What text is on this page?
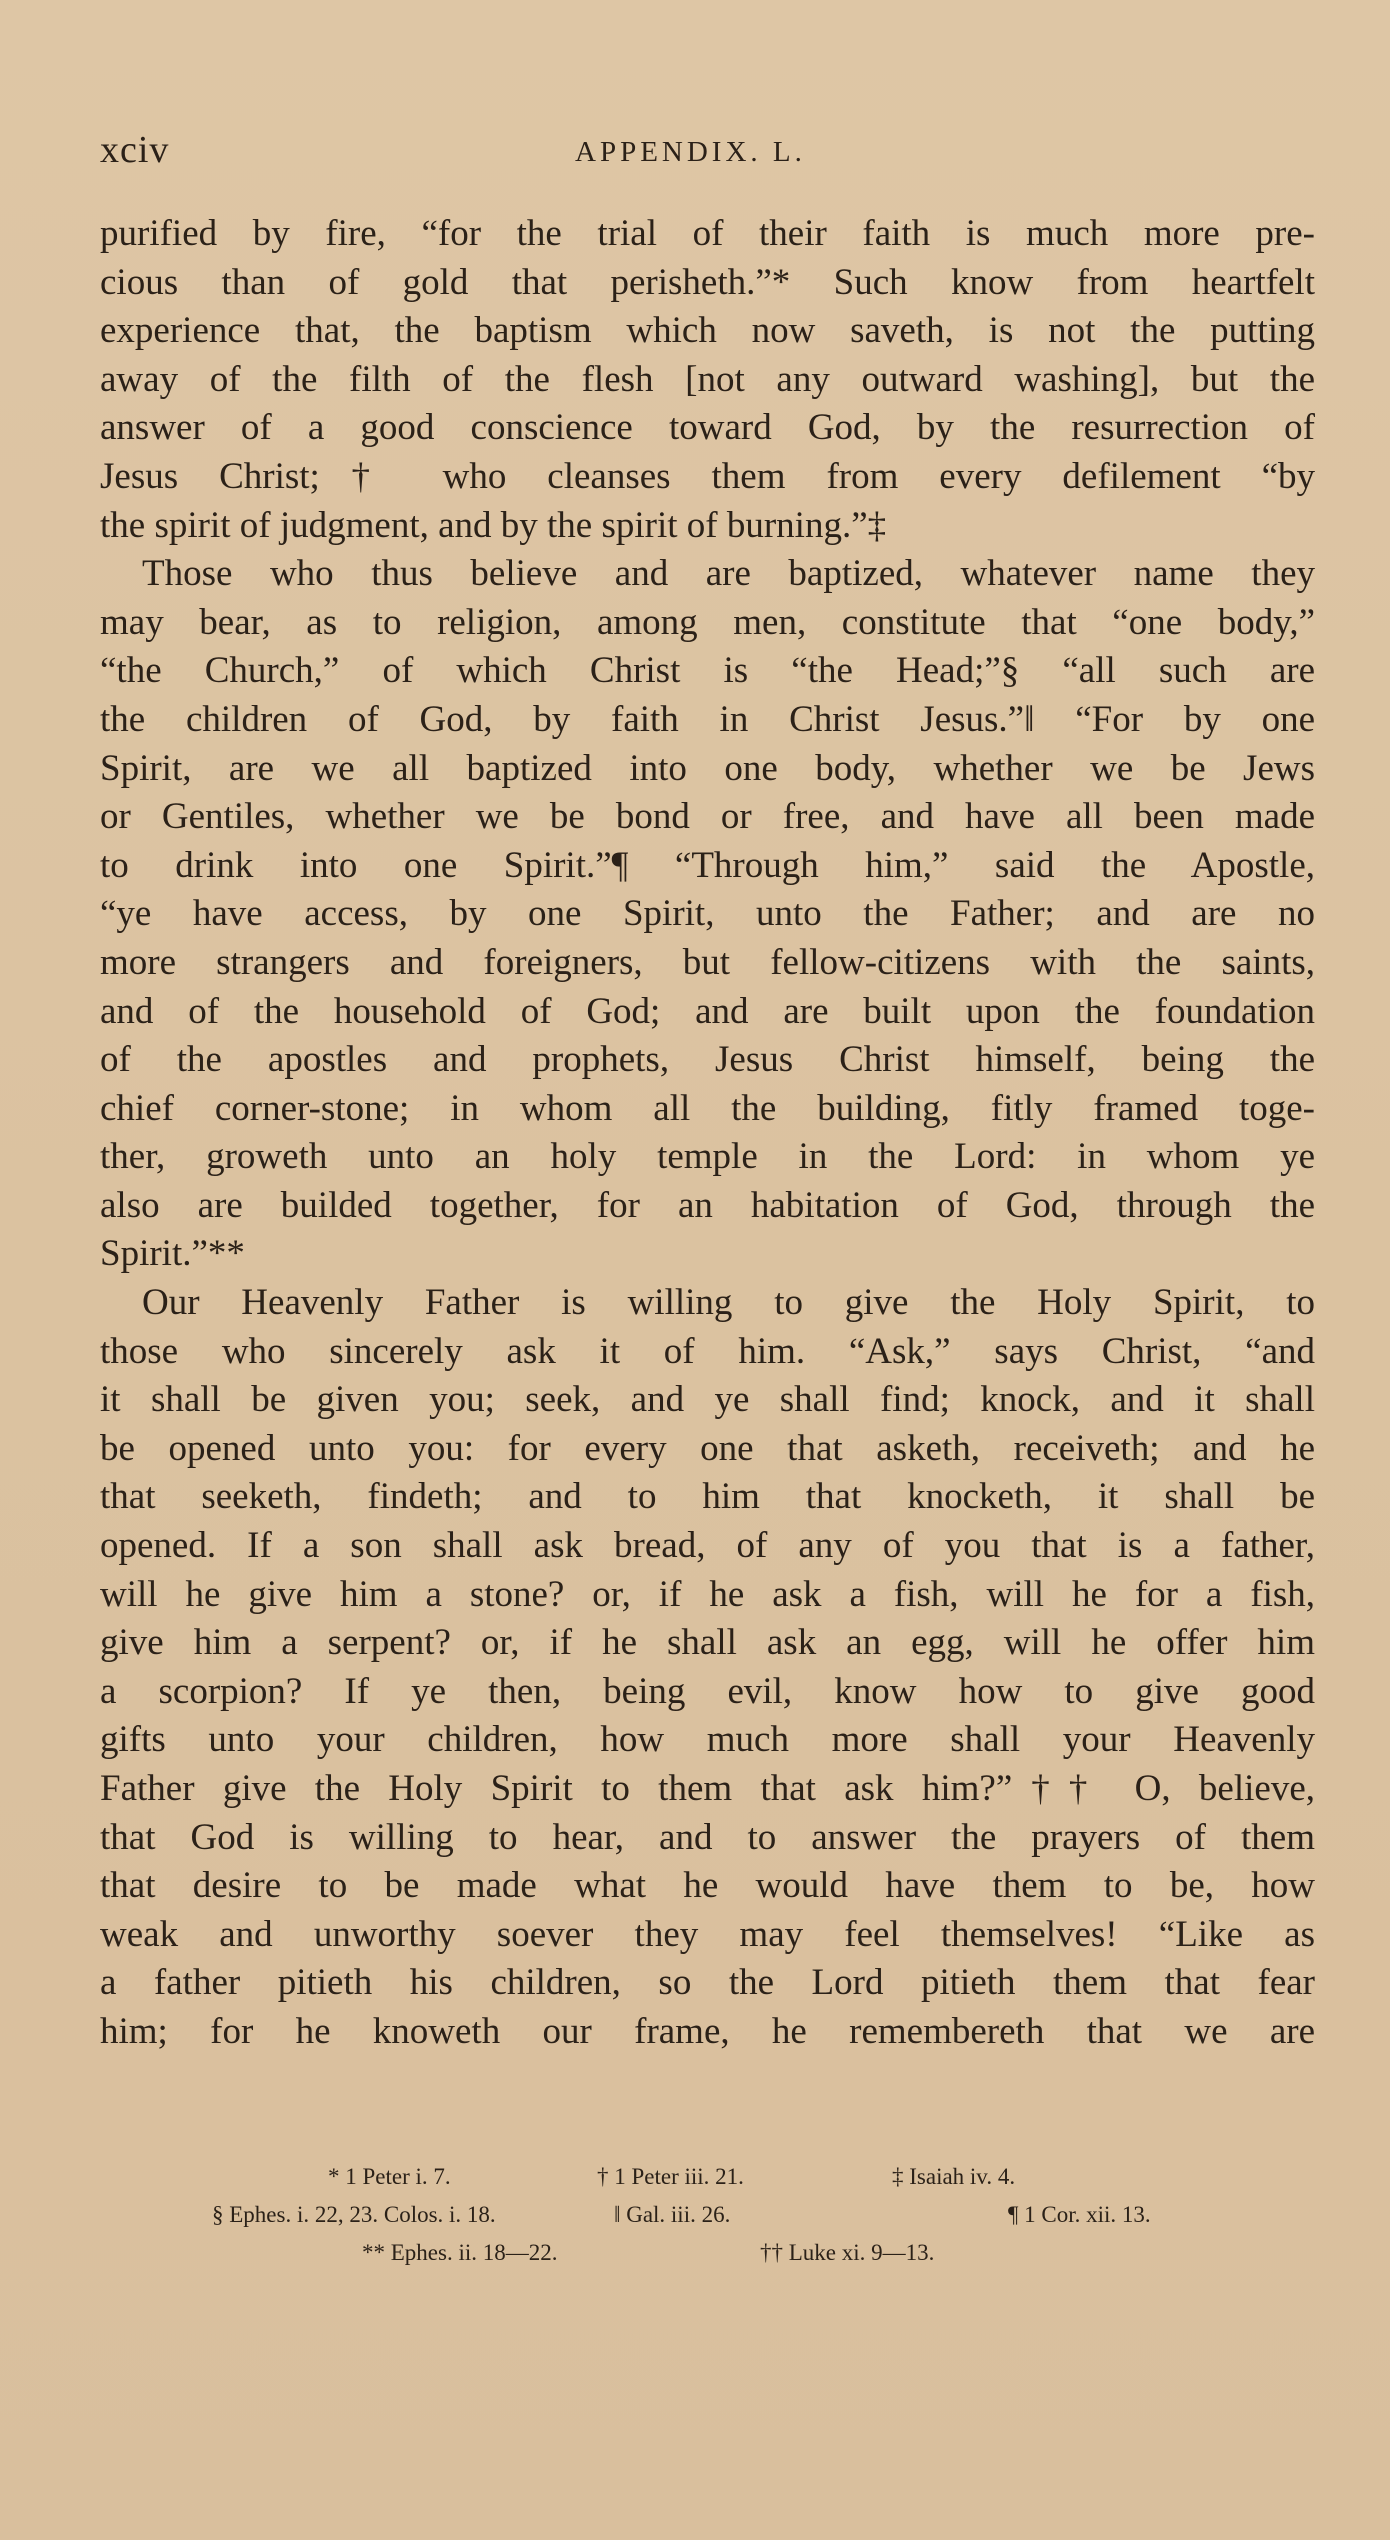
xciv	APPENDIX. L.
purified by fire, “for the trial of their faith is much more pre-
cious than of gold that perisheth.”* Such know from heartfelt
experience that, the baptism which now saveth, is not the putting
away of the filth of the flesh [not any outward washing], but the
answer of a good conscience toward God, by the resurrection of
Jesus Christ;† who cleanses them from every defilement “by
the spirit of judgment, and by the spirit of burning.”‡
Those who thus believe and are baptized, whatever name they
may bear, as to religion, among men, constitute that “one body,”
“the Church,” of which Christ is “the Head;”§ “all such are
the children of God, by faith in Christ Jesus.”‖ “For by one
Spirit, are we all baptized into one body, whether we be Jews
or Gentiles, whether we be bond or free, and have all been made
to drink into one Spirit.”¶ “Through him,” said the Apostle,
“ye have access, by one Spirit, unto the Father; and are no
more strangers and foreigners, but fellow-citizens with the saints,
and of the household of God; and are built upon the foundation
of the apostles and prophets, Jesus Christ himself, being the
chief corner-stone; in whom all the building, fitly framed toge-
ther, groweth unto an holy temple in the Lord: in whom ye
also are builded together, for an habitation of God, through the
Spirit.”**
Our Heavenly Father is willing to give the Holy Spirit, to
those who sincerely ask it of him. “Ask,” says Christ, “and
it shall be given you; seek, and ye shall find; knock, and it shall
be opened unto you: for every one that asketh, receiveth; and he
that seeketh, findeth; and to him that knocketh, it shall be
opened. If a son shall ask bread, of any of you that is a father,
will he give him a stone? or, if he ask a fish, will he for a fish,
give him a serpent? or, if he shall ask an egg, will he offer him
a scorpion? If ye then, being evil, know how to give good
gifts unto your children, how much more shall your Heavenly
Father give the Holy Spirit to them that ask him?”†† O, believe,
that God is willing to hear, and to answer the prayers of them
that desire to be made what he would have them to be, how
weak and unworthy soever they may feel themselves! “Like as
a father pitieth his children, so the Lord pitieth them that fear
him; for he knoweth our frame, he remembereth that we are
* 1 Peter i. 7.	† 1 Peter iii. 21.	‡ Isaiah iv. 4.
§ Ephes. i. 22, 23. Colos. i. 18.	‖ Gal. iii. 26.	¶ 1 Cor. xii. 13.
** Ephes. ii. 18—22.	†† Luke xi. 9—13.
